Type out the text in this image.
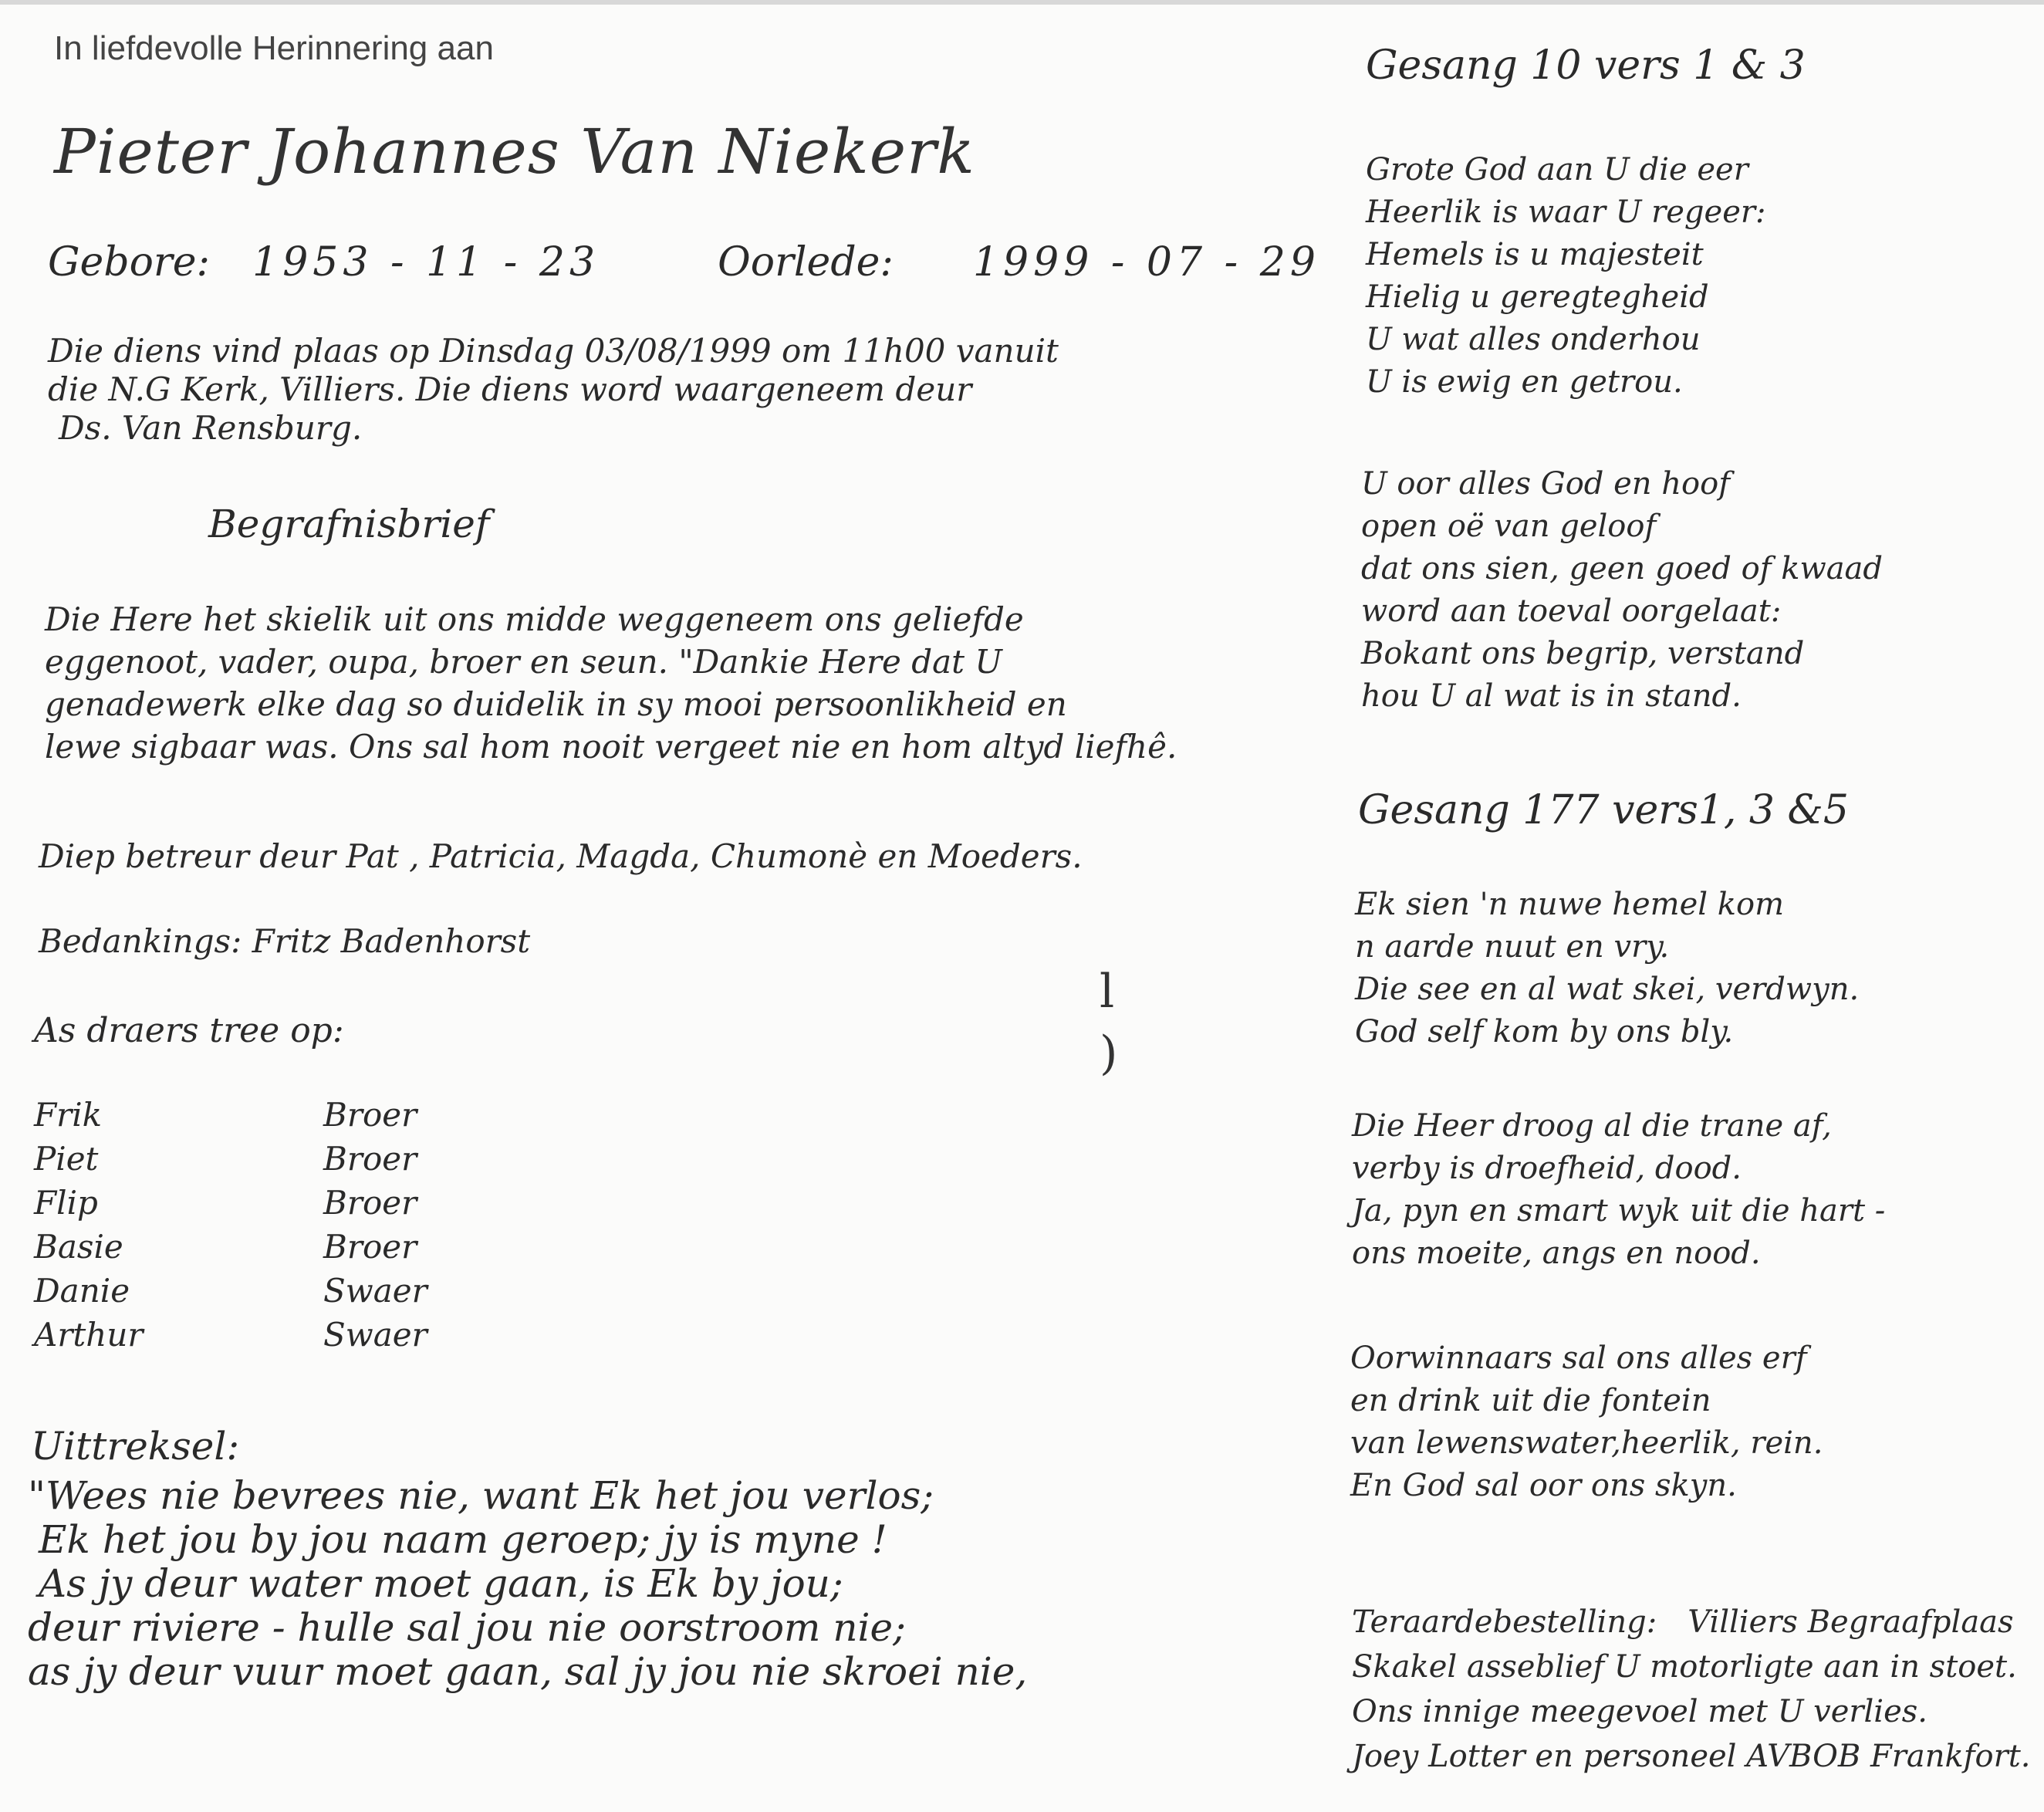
In liefdevolle Herinnering aan
Pieter Johannes Van Niekerk
Gebore: 1953 - 11 - 23	Oorlede: 1999 - 07 - 29
Die diens vind plaas op Dinsdag 03/08/1999 om 11h00 vanuit
die N.G Kerk, Villiers. Die diens word waargeneem deur
Ds. Van Rensburg.
Begrafnisbrief
Die Here het skielik uit ons midde weggeneem ons geliefde
eggenoot, vader, oupa, broer en seun. "Dankie Here dat U
genadewerk elke dag so duidelik in sy mooi persoonlikheid en
lewe sigbaar was. Ons sal hom nooit vergeet nie en hom altyd liefhê.
Diep betreur deur Pat , Patricia, Magda, Chumonè en Moeders.
Bedankings: Fritz Badenhorst
As draers tree op:
Frik	Broer
Piet	Broer
Flip	Broer
Basie	Broer
Danie	Swaer
Arthur	Swaer
Uittreksel:
"Wees nie bevrees nie, want Ek het jou verlos;
Ek het jou by jou naam geroep; jy is myne !
As jy deur water moet gaan, is Ek by jou;
deur riviere - hulle sal jou nie oorstroom nie;
as jy deur vuur moet gaan, sal jy jou nie skroei nie,
l
)
Gesang 10 vers 1 & 3
Grote God aan U die eer
Heerlik is waar U regeer:
Hemels is u majesteit
Hielig u geregtegheid
U wat alles onderhou
U is ewig en getrou.
U oor alles God en hoof
open oë van geloof
dat ons sien, geen goed of kwaad
word aan toeval oorgelaat:
Bokant ons begrip, verstand
hou U al wat is in stand.
Gesang 177 vers1, 3 &5
Ek sien 'n nuwe hemel kom
n aarde nuut en vry.
Die see en al wat skei, verdwyn.
God self kom by ons bly.
Die Heer droog al die trane af,
verby is droefheid, dood.
Ja, pyn en smart wyk uit die hart -
ons moeite, angs en nood.
Oorwinnaars sal ons alles erf
en drink uit die fontein
van lewenswater,heerlik, rein.
En God sal oor ons skyn.
Teraardebestelling: Villiers Begraafplaas
Skakel asseblief U motorligte aan in stoet.
Ons innige meegevoel met U verlies.
Joey Lotter en personeel AVBOB Frankfort.
